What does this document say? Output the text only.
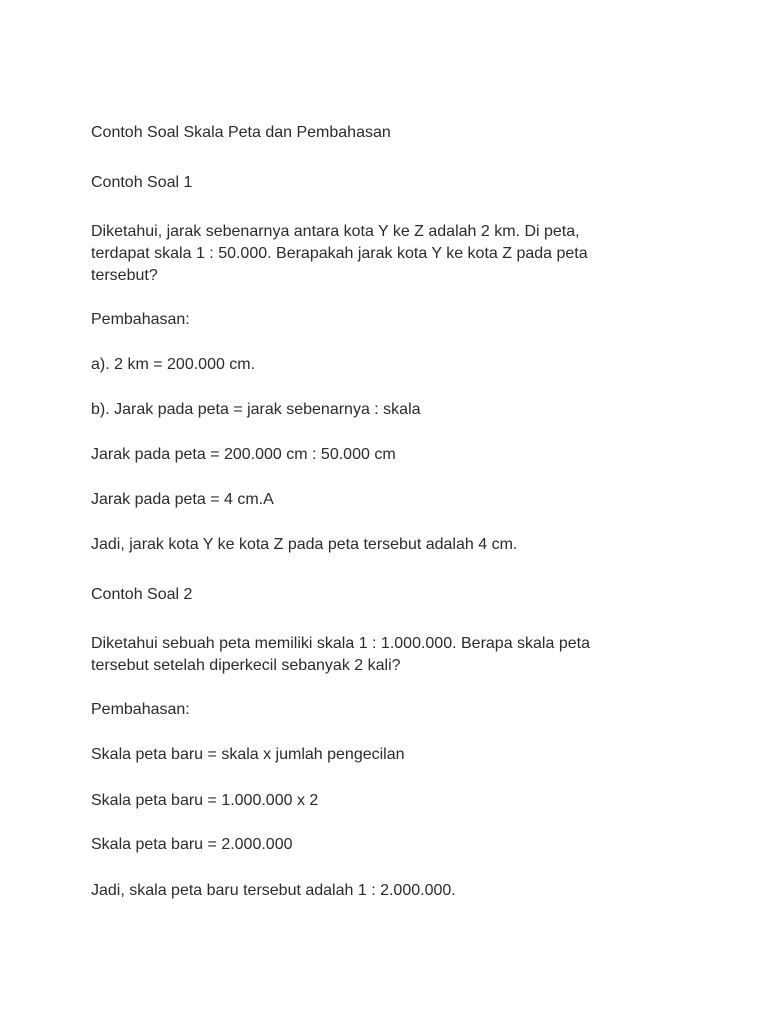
Contoh Soal Skala Peta dan Pembahasan

Contoh Soal 1

Diketahui, jarak sebenarnya antara kota Y ke Z adalah 2 km. Di peta,

terdapat skala 1 : 50.000. Berapakah jarak kota Y ke kota Z pada peta

tersebut?

Pembahasan:

a). 2 km = 200.000 cm.

b). Jarak pada peta = jarak sebenarnya : skala

Jarak pada peta = 200.000 cm : 50.000 cm

Jarak pada peta = 4 cm.A

Jadi, jarak kota Y ke kota Z pada peta tersebut adalah 4 cm.

Contoh Soal 2

Diketahui sebuah peta memiliki skala 1 : 1.000.000. Berapa skala peta

tersebut setelah diperkecil sebanyak 2 kali?

Pembahasan:

Skala peta baru = skala x jumlah pengecilan

Skala peta baru = 1.000.000 x 2

Skala peta baru = 2.000.000

Jadi, skala peta baru tersebut adalah 1 : 2.000.000.
